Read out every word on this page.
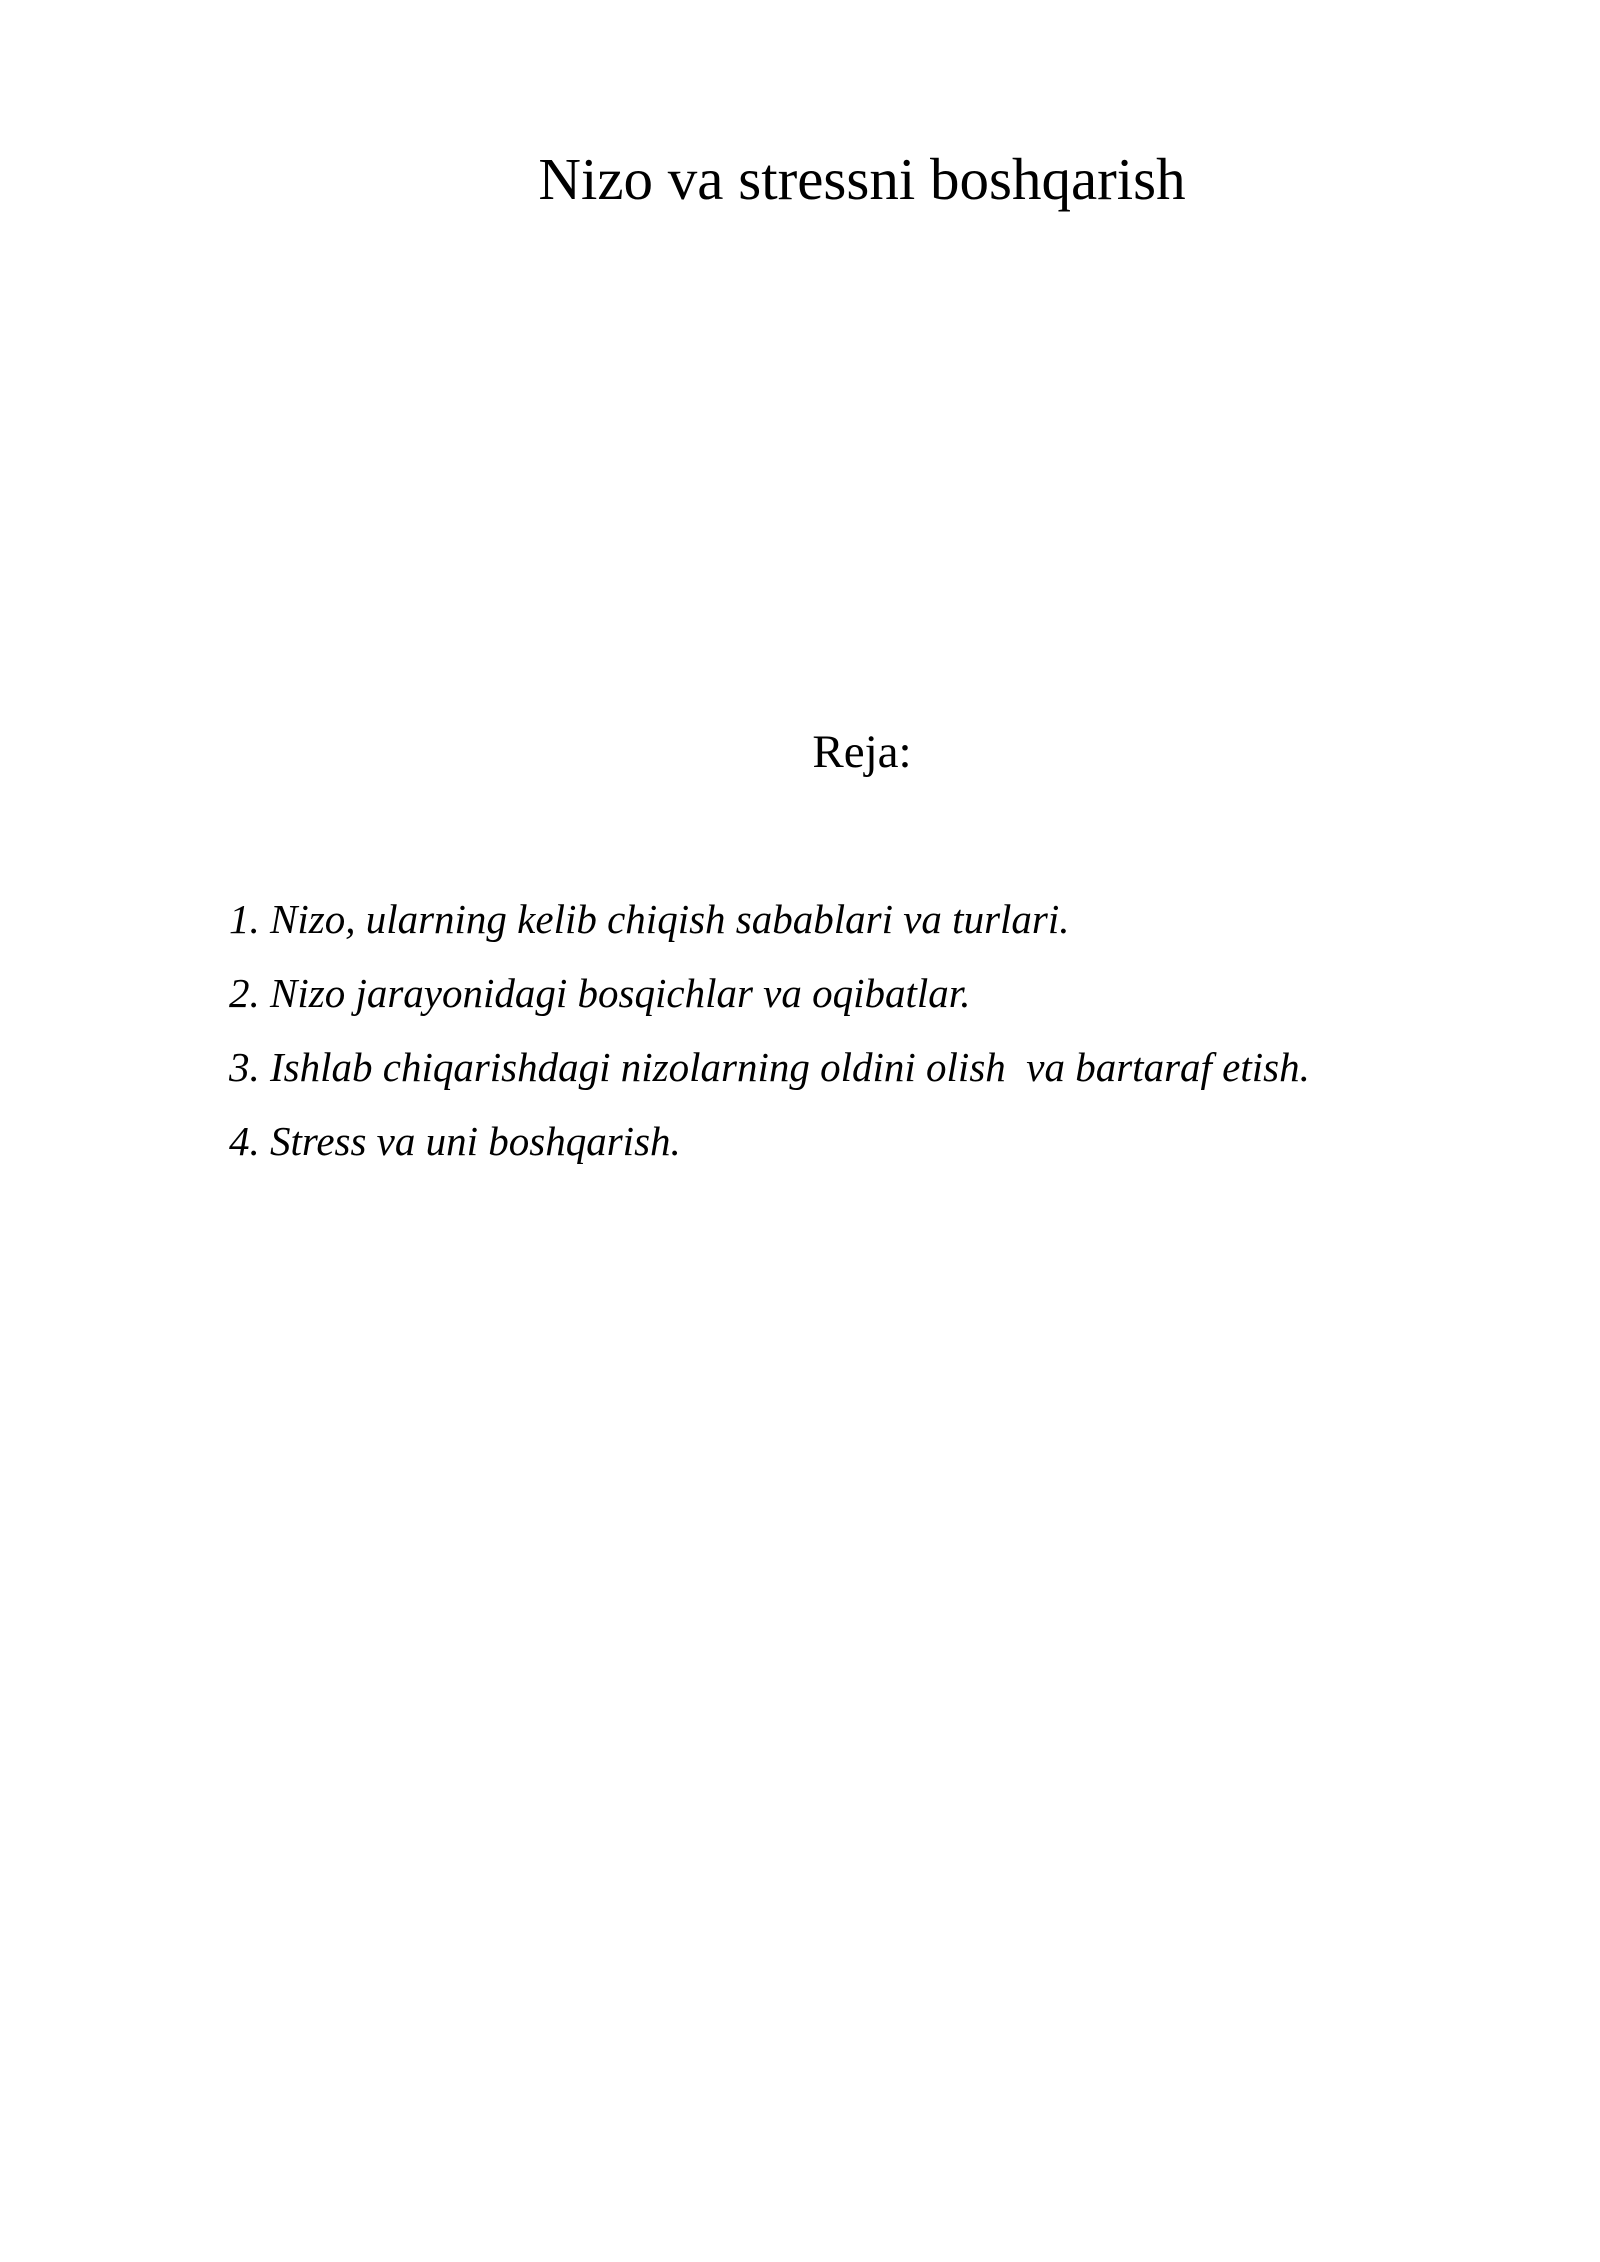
Nizo va stressni boshqarish
Reja:
1. Nizo, ularning kelib chiqish sabablari va turlari.
2. Nizo jarayonidagi bosqichlar va oqibatlar.
3. Ishlab chiqarishdagi nizolarning oldini olish  va bartaraf etish.
4. Stress va uni boshqarish.
